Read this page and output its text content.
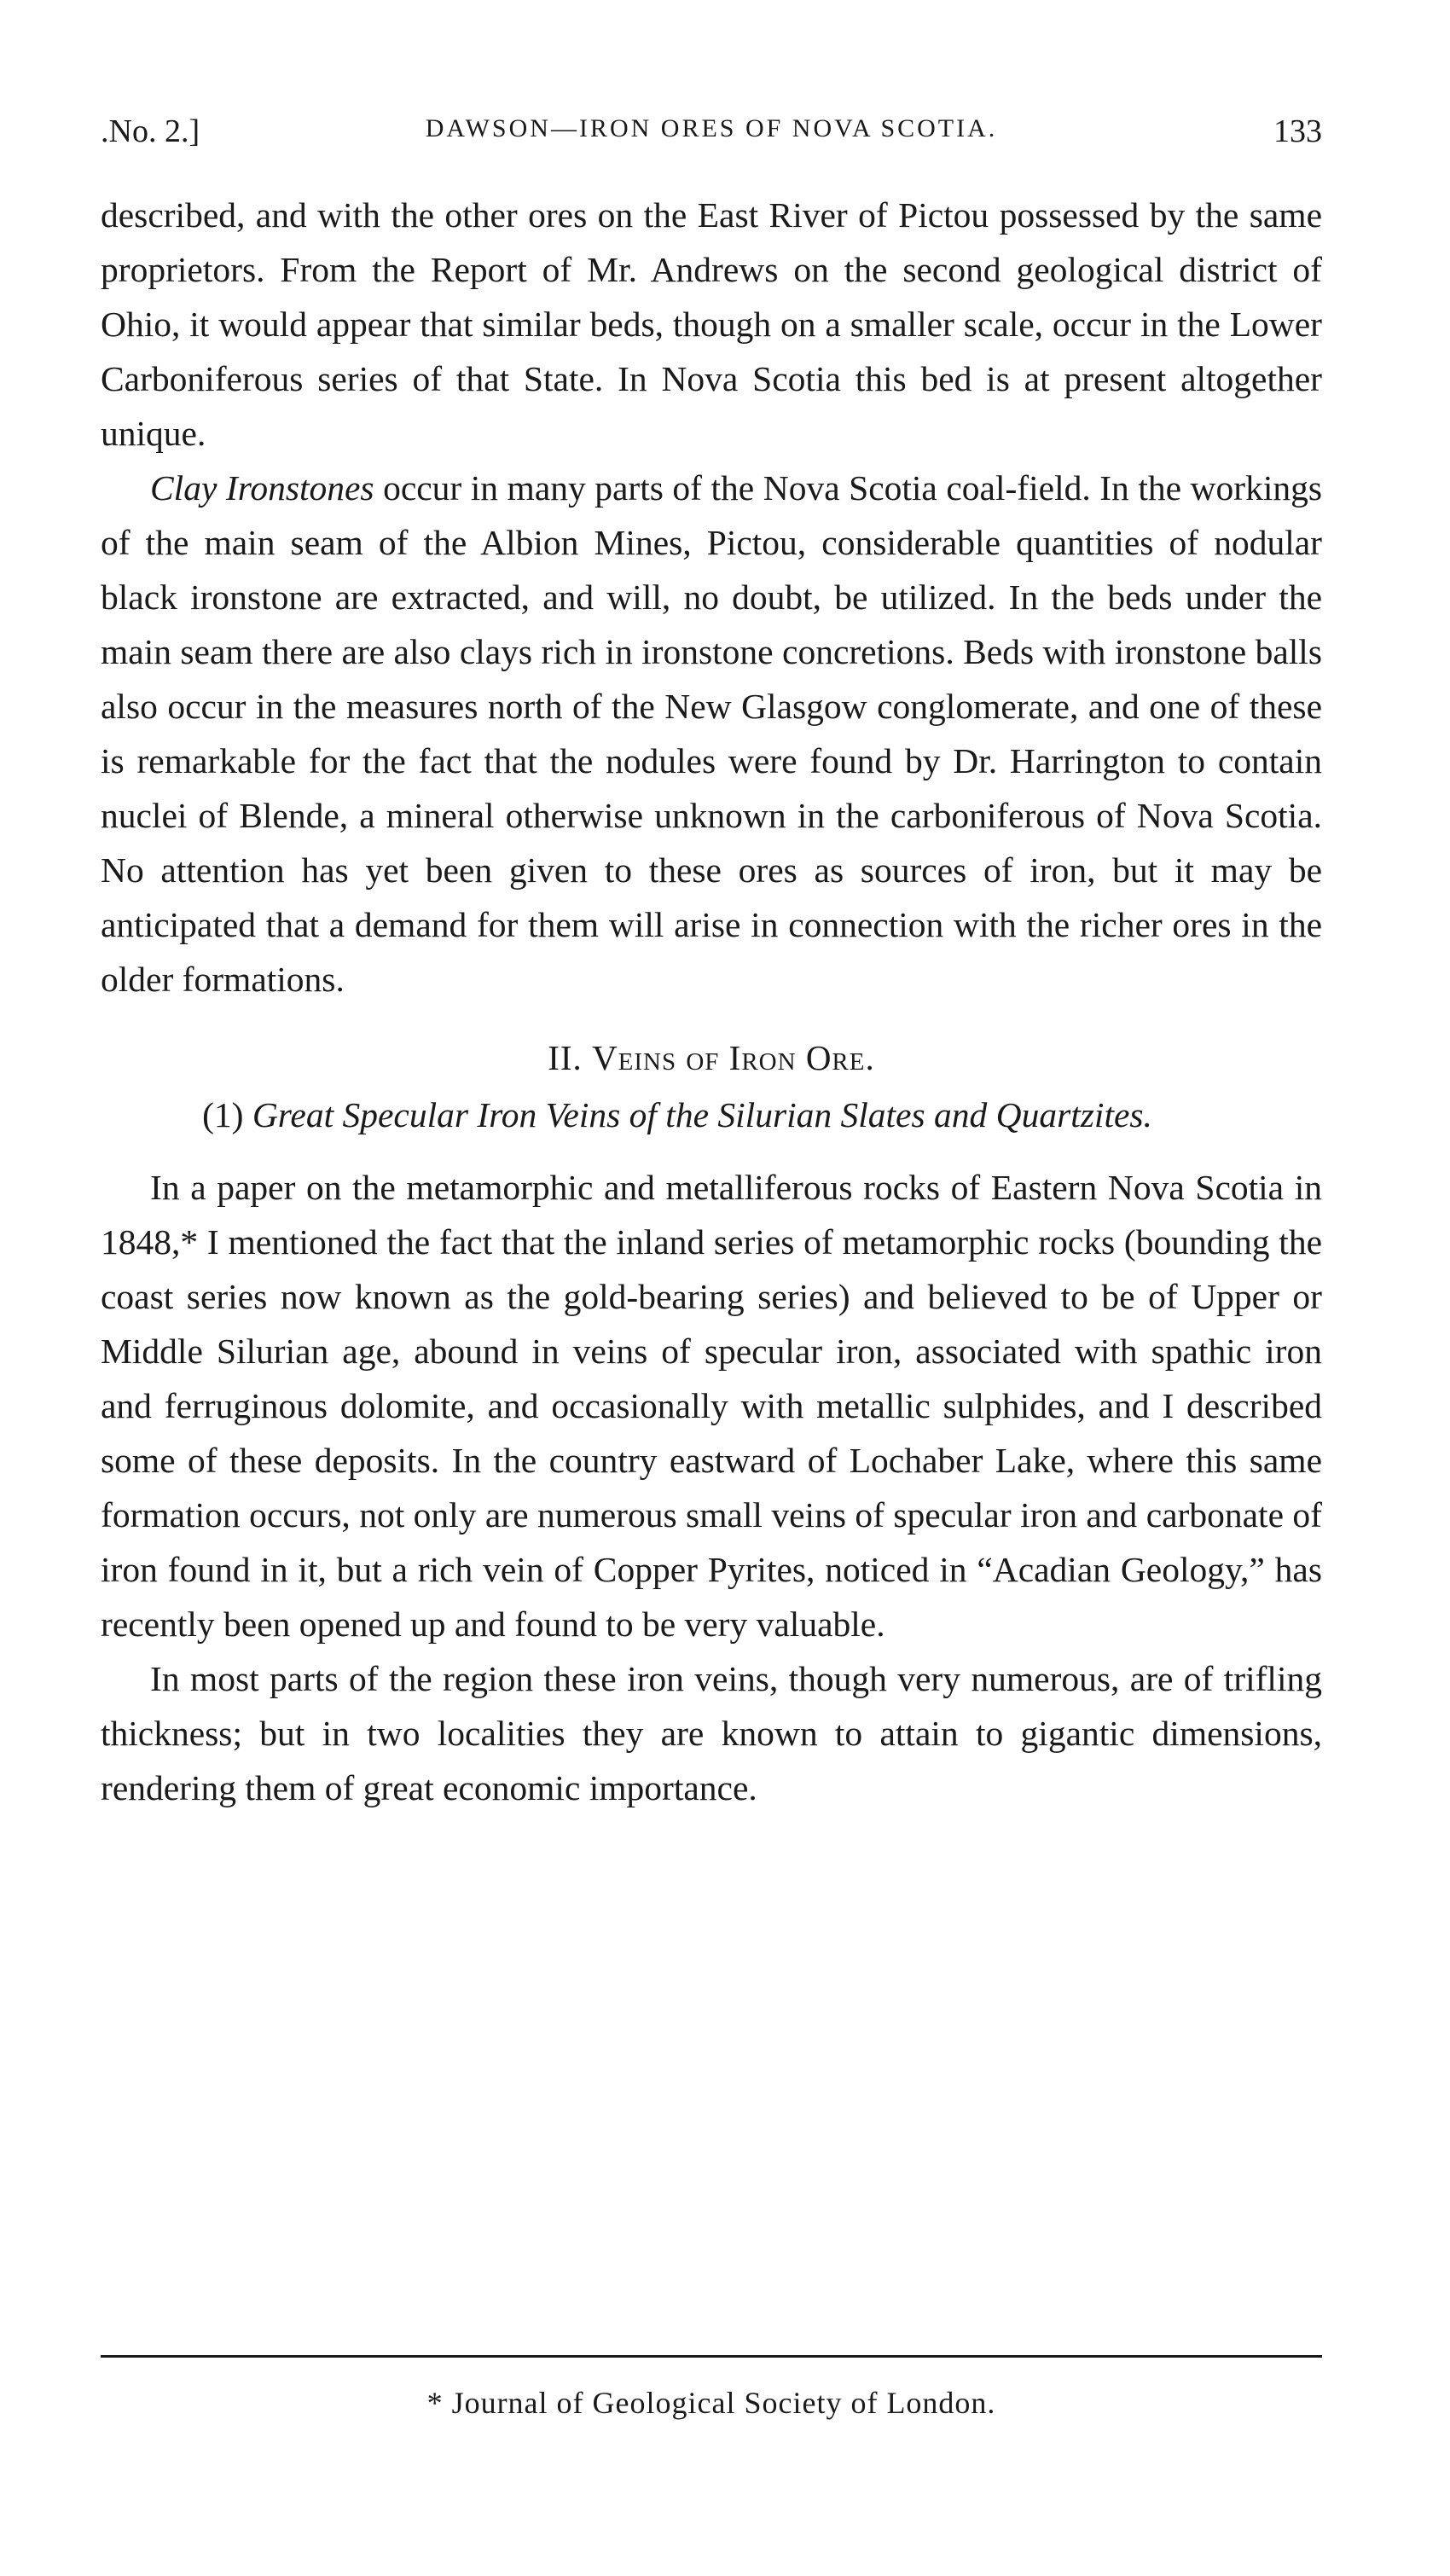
.No. 2.]	DAWSON—IRON ORES OF NOVA SCOTIA.	133

described, and with the other ores on the East River of Pictou possessed by the same proprietors. From the Report of Mr. Andrews on the second geological district of Ohio, it would appear that similar beds, though on a smaller scale, occur in the Lower Carboniferous series of that State. In Nova Scotia this bed is at present altogether unique.

Clay Ironstones occur in many parts of the Nova Scotia coal-field. In the workings of the main seam of the Albion Mines, Pictou, considerable quantities of nodular black ironstone are extracted, and will, no doubt, be utilized. In the beds under the main seam there are also clays rich in ironstone concretions. Beds with ironstone balls also occur in the measures north of the New Glasgow conglomerate, and one of these is remarkable for the fact that the nodules were found by Dr. Harrington to contain nuclei of Blende, a mineral otherwise unknown in the carboniferous of Nova Scotia. No attention has yet been given to these ores as sources of iron, but it may be anticipated that a demand for them will arise in connection with the richer ores in the older formations.

II. Veins of Iron Ore.

(1) Great Specular Iron Veins of the Silurian Slates and Quartzites.

In a paper on the metamorphic and metalliferous rocks of Eastern Nova Scotia in 1848,* I mentioned the fact that the inland series of metamorphic rocks (bounding the coast series now known as the gold-bearing series) and believed to be of Upper or Middle Silurian age, abound in veins of specular iron, associated with spathic iron and ferruginous dolomite, and occasionally with metallic sulphides, and I described some of these deposits. In the country eastward of Lochaber Lake, where this same formation occurs, not only are numerous small veins of specular iron and carbonate of iron found in it, but a rich vein of Copper Pyrites, noticed in “Acadian Geology,” has recently been opened up and found to be very valuable.

In most parts of the region these iron veins, though very numerous, are of trifling thickness; but in two localities they are known to attain to gigantic dimensions, rendering them of great economic importance.

* Journal of Geological Society of London.
